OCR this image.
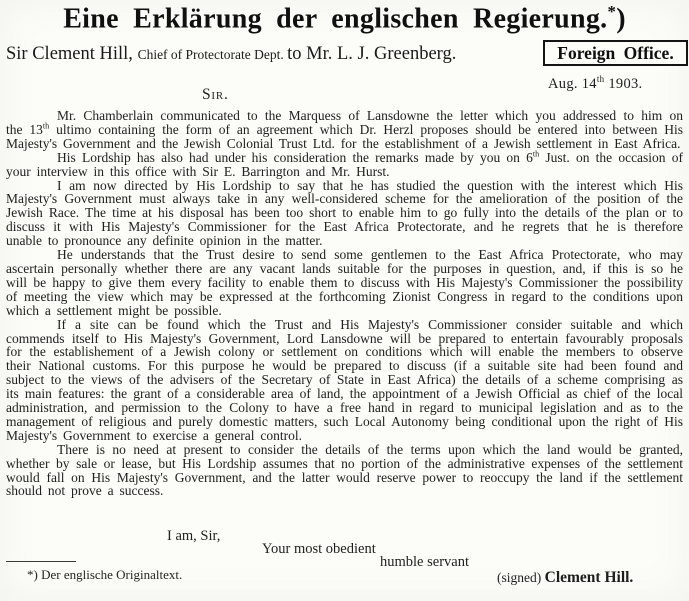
Eine Erklärung der englischen Regierung.*)
Sir Clement Hill, Chief of Protectorate Dept. to Mr. L. J. Greenberg.	Foreign Office.
Aug. 14th 1903.
Sir.

Mr. Chamberlain communicated to the Marquess of Lansdowne the letter which you addressed to him on the 13th ultimo containing the form of an agreement which Dr. Herzl proposes should be entered into between His Majesty's Government and the Jewish Colonial Trust Ltd. for the establishment of a Jewish settlement in East Africa.

His Lordship has also had under his consideration the remarks made by you on 6th Just. on the occasion of your interview in this office with Sir E. Barrington and Mr. Hurst.

I am now directed by His Lordship to say that he has studied the question with the interest which His Majesty's Government must always take in any well-considered scheme for the amelioration of the position of the Jewish Race. The time at his disposal has been too short to enable him to go fully into the details of the plan or to discuss it with His Majesty's Commissioner for the East Africa Protectorate, and he regrets that he is therefore unable to pronounce any definite opinion in the matter.

He understands that the Trust desire to send some gentlemen to the East Africa Protectorate, who may ascertain personally whether there are any vacant lands suitable for the purposes in question, and, if this is so he will be happy to give them every facility to enable them to discuss with His Majesty's Commissioner the possibility of meeting the view which may be expressed at the forthcoming Zionist Congress in regard to the conditions upon which a settlement might be possible.

If a site can be found which the Trust and His Majesty's Commissioner consider suitable and which commends itself to His Majesty's Government, Lord Lansdowne will be prepared to entertain favourably proposals for the establishement of a Jewish colony or settlement on conditions which will enable the members to observe their National customs. For this purpose he would be prepared to discuss (if a suitable site had been found and subject to the views of the advisers of the Secretary of State in East Africa) the details of a scheme comprising as its main features: the grant of a considerable area of land, the appointment of a Jewish Official as chief of the local administration, and permission to the Colony to have a free hand in regard to municipal legislation and as to the management of religious and purely domestic matters, such Local Autonomy being conditional upon the right of His Majesty's Government to exercise a general control.

There is no need at present to consider the details of the terms upon which the land would be granted, whether by sale or lease, but His Lordship assumes that no portion of the administrative expenses of the settlement would fall on His Majesty's Government, and the latter would reserve power to reoccupy the land if the settlement should not prove a success.

I am, Sir,
Your most obedient
humble servant
(signed) Clement Hill.
*) Der englische Originaltext.
